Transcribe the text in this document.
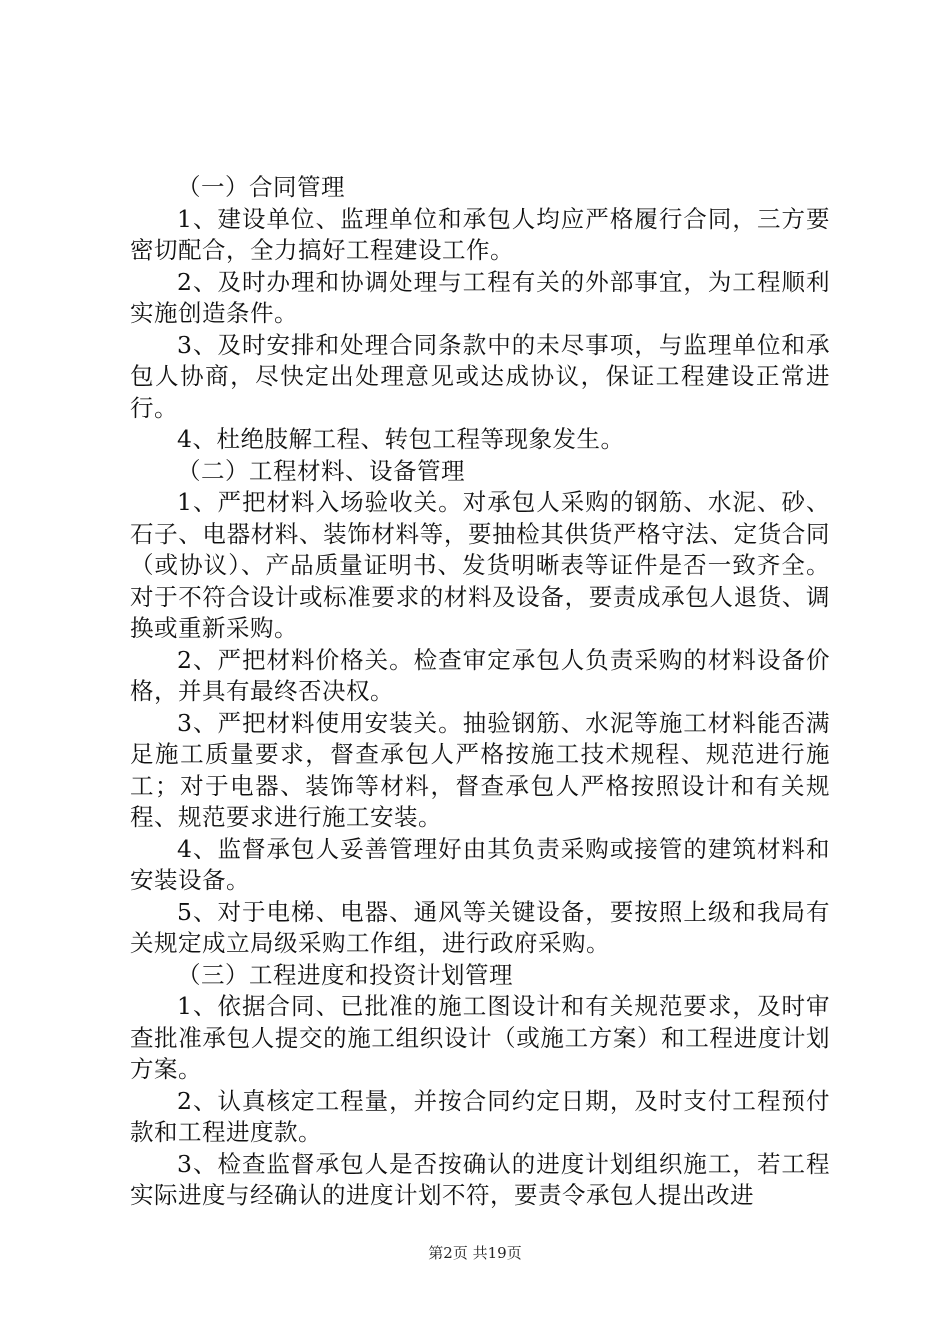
（一）合同管理

1、建设单位、监理单位和承包人均应严格履行合同，三方要密切配合，全力搞好工程建设工作。

2、及时办理和协调处理与工程有关的外部事宜，为工程顺利实施创造条件。

3、及时安排和处理合同条款中的未尽事项，与监理单位和承包人协商，尽快定出处理意见或达成协议，保证工程建设正常进行。

4、杜绝肢解工程、转包工程等现象发生。

（二）工程材料、设备管理

1、严把材料入场验收关。对承包人采购的钢筋、水泥、砂、石子、电器材料、装饰材料等，要抽检其供货严格守法、定货合同（或协议）、产品质量证明书、发货明晰表等证件是否一致齐全。对于不符合设计或标准要求的材料及设备，要责成承包人退货、调换或重新采购。

2、严把材料价格关。检查审定承包人负责采购的材料设备价格，并具有最终否决权。

3、严把材料使用安装关。抽验钢筋、水泥等施工材料能否满足施工质量要求，督查承包人严格按施工技术规程、规范进行施工；对于电器、装饰等材料，督查承包人严格按照设计和有关规程、规范要求进行施工安装。

4、监督承包人妥善管理好由其负责采购或接管的建筑材料和安装设备。

5、对于电梯、电器、通风等关键设备，要按照上级和我局有关规定成立局级采购工作组，进行政府采购。

（三）工程进度和投资计划管理

1、依据合同、已批准的施工图设计和有关规范要求，及时审查批准承包人提交的施工组织设计（或施工方案）和工程进度计划方案。

2、认真核定工程量，并按合同约定日期，及时支付工程预付款和工程进度款。

3、检查监督承包人是否按确认的进度计划组织施工，若工程实际进度与经确认的进度计划不符，要责令承包人提出改进

第2页 共19页
